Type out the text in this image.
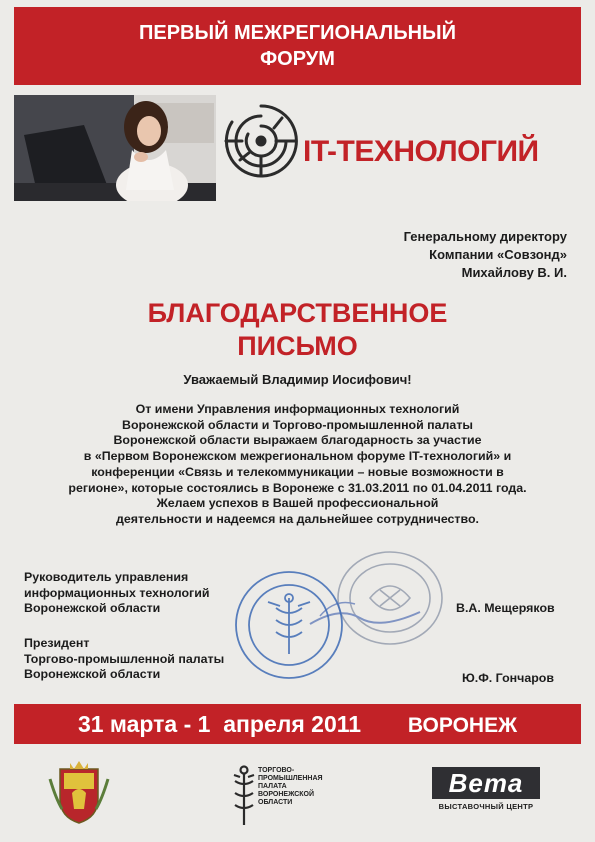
ПЕРВЫЙ МЕЖРЕГИОНАЛЬНЫЙ
ФОРУМ
IT-ТЕХНОЛОГИЙ
Генеральному директору
Компании «Совзонд»
Михайлову В. И.
БЛАГОДАРСТВЕННОЕ
ПИСЬМО
Уважаемый Владимир Иосифович!
От имени Управления информационных технологий
Воронежской области и Торгово-промышленной палаты
Воронежской области выражаем благодарность за участие
в «Первом Воронежском межрегиональном форуме IT-технологий» и
конференции «Связь и телекоммуникации – новые возможности в
регионе», которые состоялись в Воронеже с 31.03.2011 по 01.04.2011 года.
Желаем успехов в Вашей профессиональной
деятельности и надеемся на дальнейшее сотрудничество.
Руководитель управления
информационных технологий
Воронежской области	В.А. Мещеряков
Президент
Торгово-промышленной палаты
Воронежской области	Ю.Ф. Гончаров
31 марта - 1  апреля 2011 ВОРОНЕЖ
ТОРГОВО-
ПРОМЫШЛЕННАЯ
ПАЛАТА
ВОРОНЕЖСКОЙ
ОБЛАСТИ
Вета
ВЫСТАВОЧНЫЙ ЦЕНТР
